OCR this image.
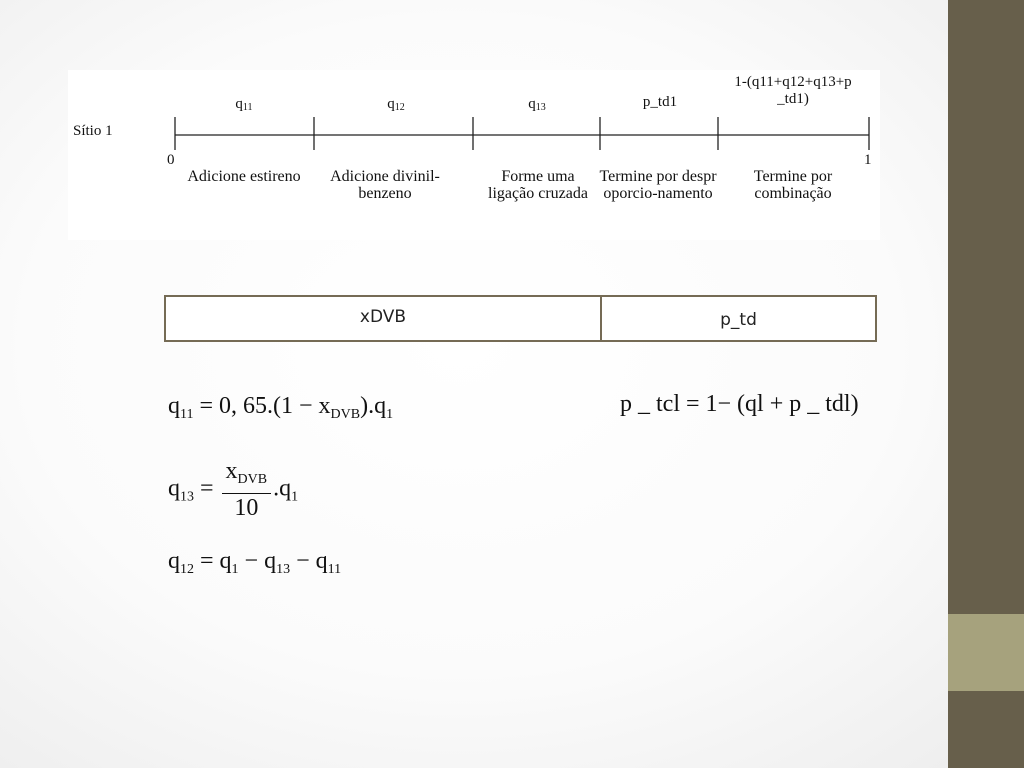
Sítio 1
0	1
$q_{11}$	$q_{12}$	$q_{13}$	p_td1
1-(q11+q12+q13+p_td1)
Adicione estireno	Adicione divinil-benzeno
Forme uma ligação cruzada
Termine por desproporcio-namento
Termine por combinação
xDVB	p_td
$q_{11} = 0$, $65.(1 - x_{DVB}).q_1$
$q_{13} = \frac{x_{DVB}}{10} .q_1$
$q_{12} = q_1 - q_{13} - q_{11}$
p _ tcl = 1− (ql + p _ tdl)
